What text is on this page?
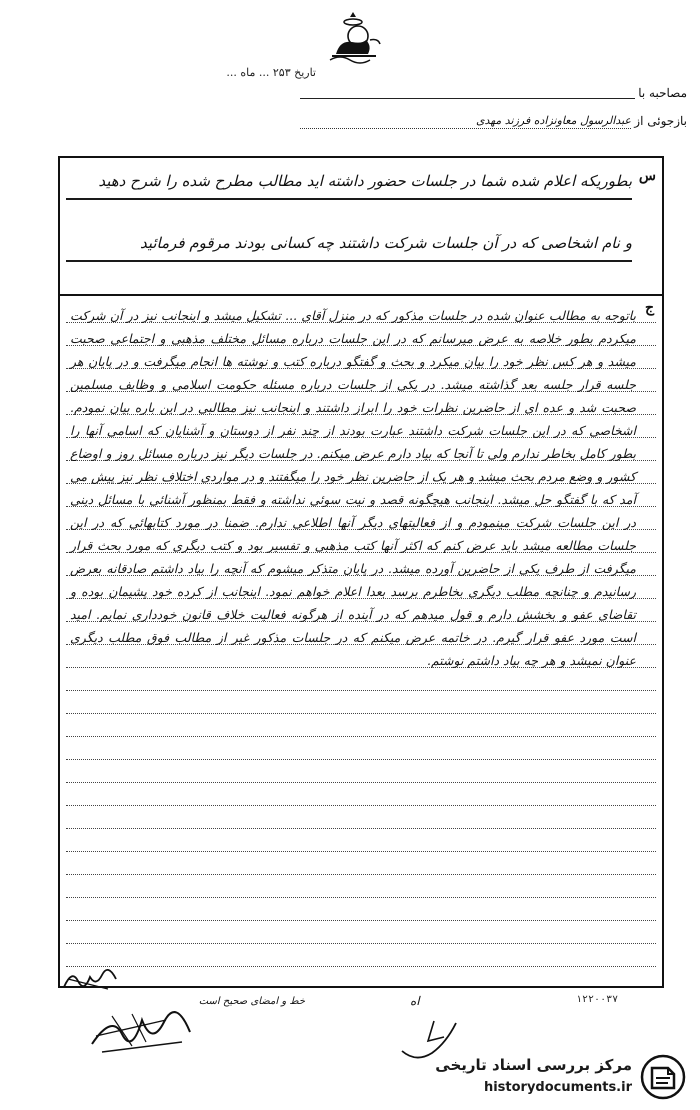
تاریخ ۲۵۳ ... ماه ...
مصاحبه با
بازجوئی از
عبدالرسول معاونزاده فرزند مهدی
س
بطوریکه اعلام شده شما در جلسات حضور داشته اید مطالب مطرح شده را شرح دهید
و نام اشخاصی که در آن جلسات شرکت داشتند چه کسانی بودند مرقوم فرمائید
ج
باتوجه به مطالب عنوان شده در جلسات مذکور که در منزل آقای ... تشکیل میشد و اینجانب نیز در آن شرکت میکردم بطور خلاصه به عرض میرسانم که در این جلسات درباره مسائل مختلف مذهبی و اجتماعی صحبت میشد و هر کس نظر خود را بیان میکرد و بحث و گفتگو درباره کتب و نوشته ها انجام میگرفت و در پایان هر جلسه قرار جلسه بعد گذاشته میشد. در یکی از جلسات درباره مسئله حکومت اسلامی و وظایف مسلمین صحبت شد و عده ای از حاضرین نظرات خود را ابراز داشتند و اینجانب نیز مطالبی در این باره بیان نمودم. اشخاصی که در این جلسات شرکت داشتند عبارت بودند از چند نفر از دوستان و آشنایان که اسامی آنها را بطور کامل بخاطر ندارم ولی تا آنجا که بیاد دارم عرض میکنم. در جلسات دیگر نیز درباره مسائل روز و اوضاع کشور و وضع مردم بحث میشد و هر یک از حاضرین نظر خود را میگفتند و در مواردی اختلاف نظر نیز پیش می آمد که با گفتگو حل میشد. اینجانب هیچگونه قصد و نیت سوئی نداشته و فقط بمنظور آشنائی با مسائل دینی در این جلسات شرکت مینمودم و از فعالیتهای دیگر آنها اطلاعی ندارم. ضمنا در مورد کتابهائی که در این جلسات مطالعه میشد باید عرض کنم که اکثر آنها کتب مذهبی و تفسیر بود و کتب دیگری که مورد بحث قرار میگرفت از طرف یکی از حاضرین آورده میشد. در پایان متذکر میشوم که آنچه را بیاد داشتم صادقانه بعرض رسانیدم و چنانچه مطلب دیگری بخاطرم برسد بعدا اعلام خواهم نمود. اینجانب از کرده خود پشیمان بوده و تقاضای عفو و بخشش دارم و قول میدهم که در آینده از هرگونه فعالیت خلاف قانون خودداری نمایم. امید است مورد عفو قرار گیرم. در خاتمه عرض میکنم که در جلسات مذکور غیر از مطالب فوق مطلب دیگری عنوان نمیشد و هر چه بیاد داشتم نوشتم.
۱۲۲۰۰۳۷
خط و امضای صحیح است	اه
مرکز بررسی اسناد تاریخی
historydocuments.ir
